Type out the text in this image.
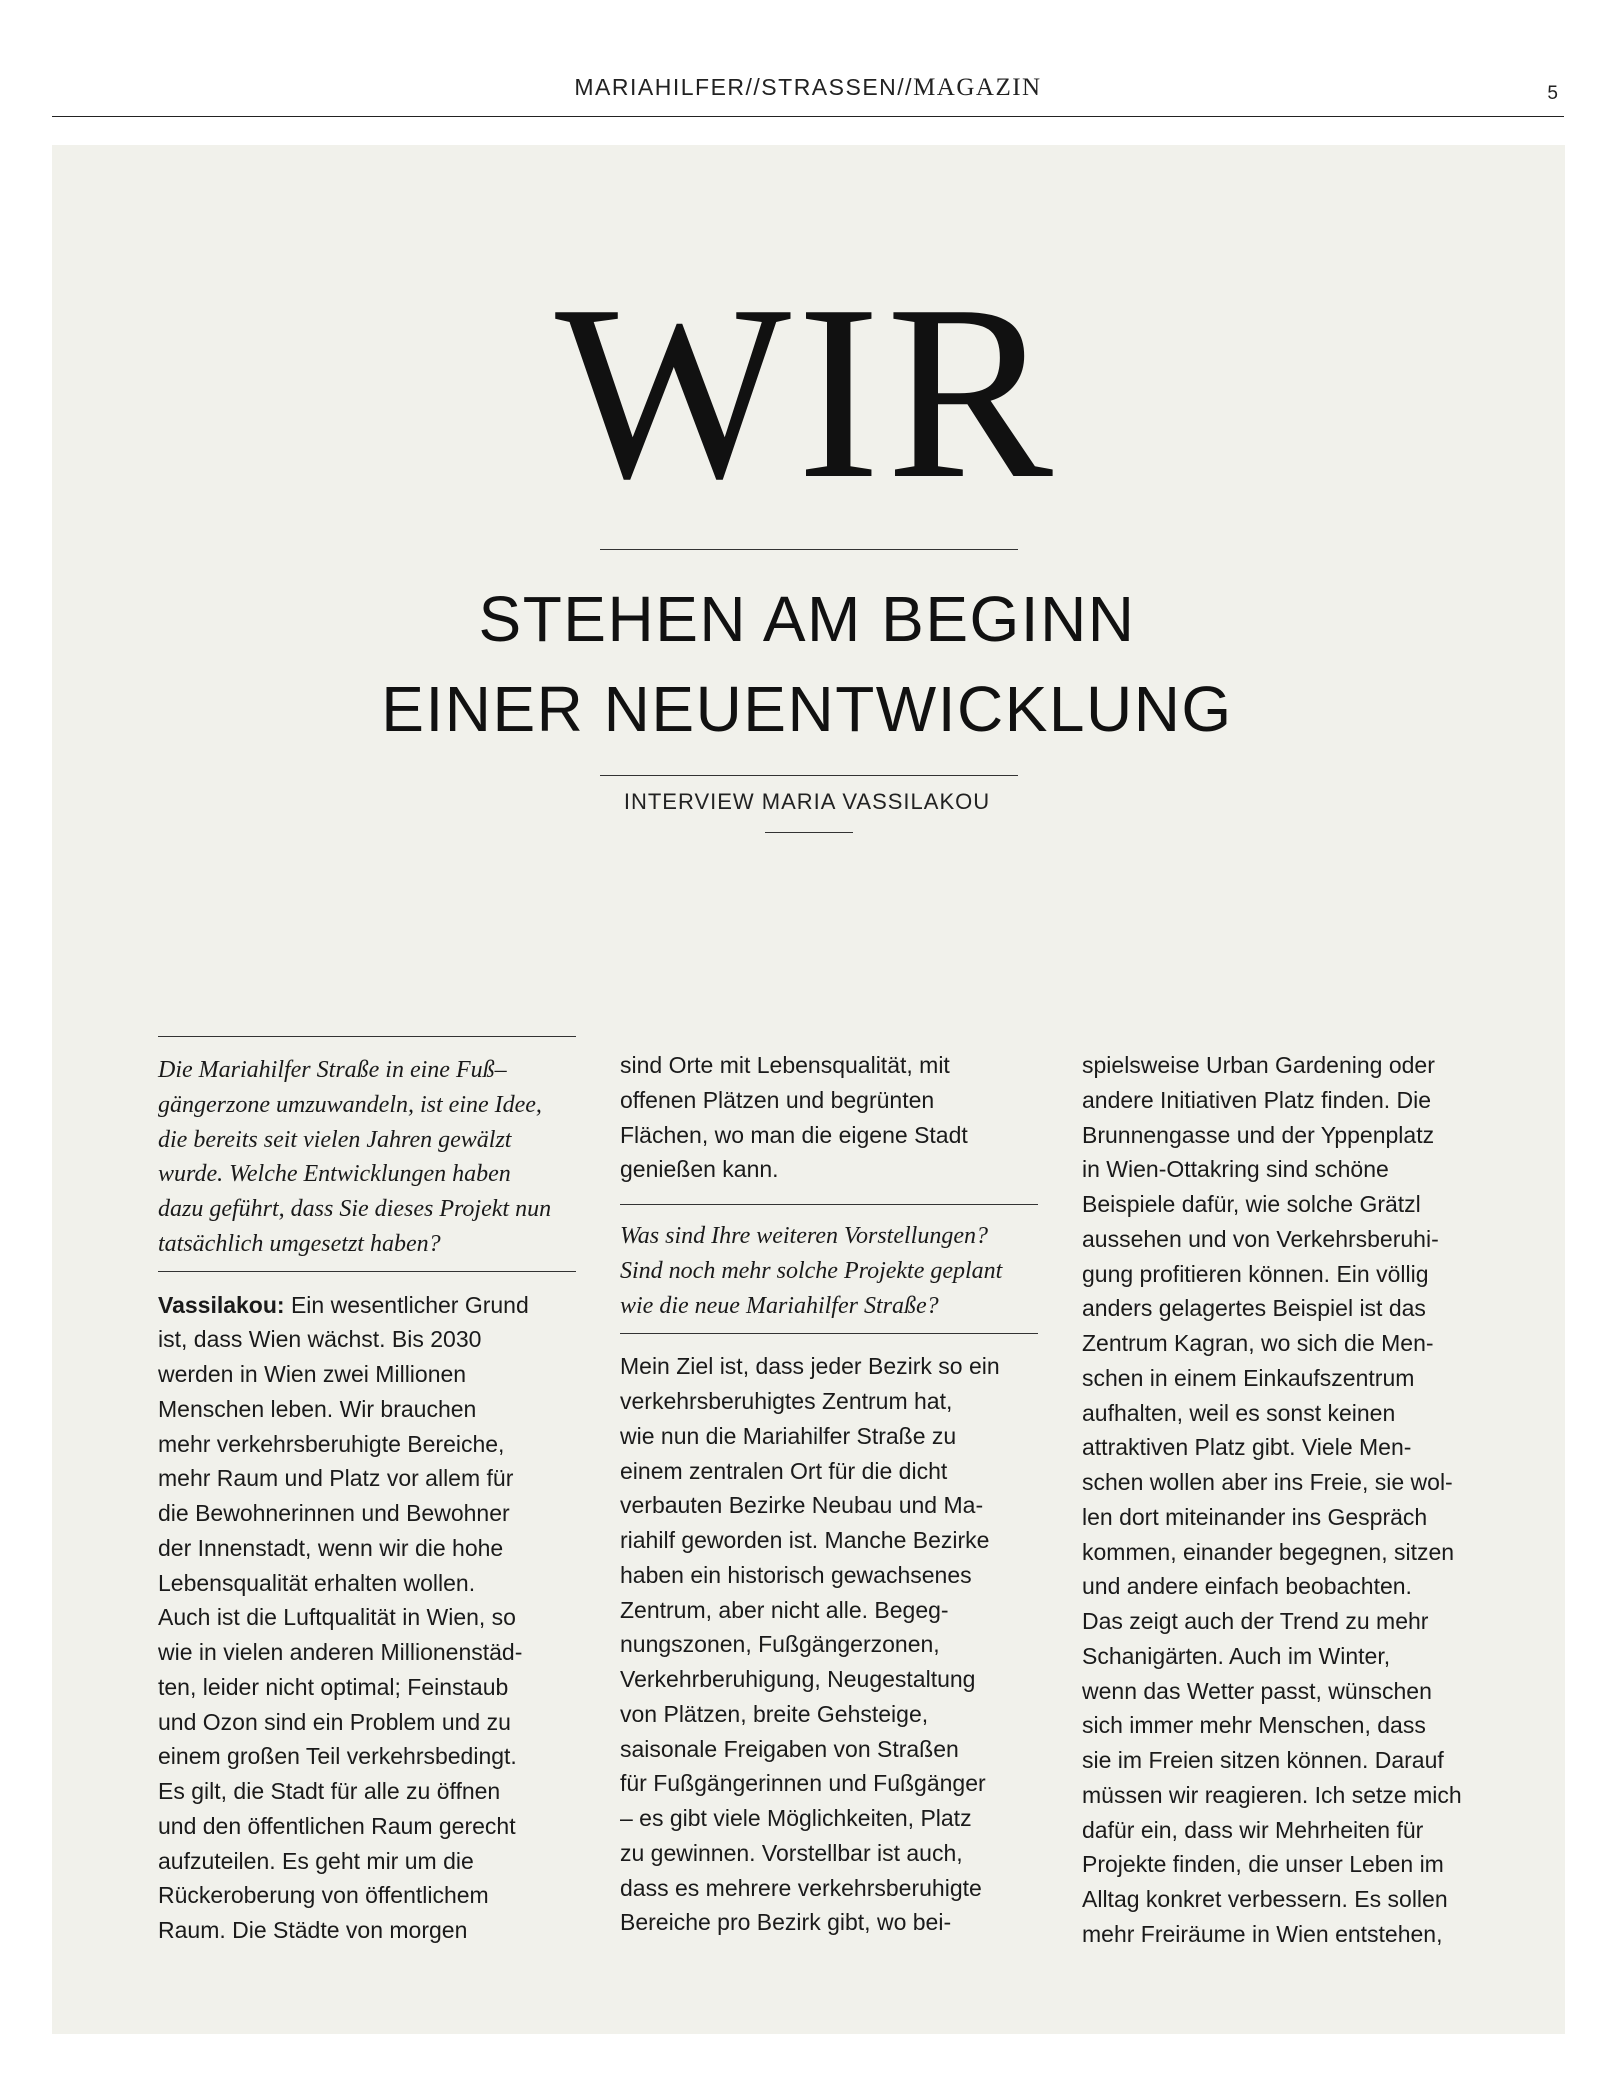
MARIAHILFER//STRASSEN//MAGAZIN	5
WIR
STEHEN AM BEGINN
EINER NEUENTWICKLUNG
INTERVIEW MARIA VASSILAKOU
Die Mariahilfer Straße in eine Fuß–
gängerzone umzuwandeln, ist eine Idee,
die bereits seit vielen Jahren gewälzt
wurde. Welche Entwicklungen haben
dazu geführt, dass Sie dieses Projekt nun
tatsächlich umgesetzt haben?
Vassilakou: Ein wesentlicher Grund
ist, dass Wien wächst. Bis 2030
werden in Wien zwei Millionen
Menschen leben. Wir brauchen
mehr verkehrsberuhigte Bereiche,
mehr Raum und Platz vor allem für
die Bewohnerinnen und Bewohner
der Innenstadt, wenn wir die hohe
Lebensqualität erhalten wollen.
Auch ist die Luftqualität in Wien, so
wie in vielen anderen Millionenstäd-
ten, leider nicht optimal; Feinstaub
und Ozon sind ein Problem und zu
einem großen Teil verkehrsbedingt.
Es gilt, die Stadt für alle zu öffnen
und den öffentlichen Raum gerecht
aufzuteilen. Es geht mir um die
Rückeroberung von öffentlichem
Raum. Die Städte von morgen
sind Orte mit Lebensqualität, mit
offenen Plätzen und begrünten
Flächen, wo man die eigene Stadt
genießen kann.
Was sind Ihre weiteren Vorstellungen?
Sind noch mehr solche Projekte geplant
wie die neue Mariahilfer Straße?
Mein Ziel ist, dass jeder Bezirk so ein
verkehrsberuhigtes Zentrum hat,
wie nun die Mariahilfer Straße zu
einem zentralen Ort für die dicht
verbauten Bezirke Neubau und Ma-
riahilf geworden ist. Manche Bezirke
haben ein historisch gewachsenes
Zentrum, aber nicht alle. Begeg-
nungszonen, Fußgängerzonen,
Verkehrberuhigung, Neugestaltung
von Plätzen, breite Gehsteige,
saisonale Freigaben von Straßen
für Fußgängerinnen und Fußgänger
– es gibt viele Möglichkeiten, Platz
zu gewinnen. Vorstellbar ist auch,
dass es mehrere verkehrsberuhigte
Bereiche pro Bezirk gibt, wo bei-
spielsweise Urban Gardening oder
andere Initiativen Platz finden. Die
Brunnengasse und der Yppenplatz
in Wien-Ottakring sind schöne
Beispiele dafür, wie solche Grätzl
aussehen und von Verkehrsberuhi-
gung profitieren können. Ein völlig
anders gelagertes Beispiel ist das
Zentrum Kagran, wo sich die Men-
schen in einem Einkaufszentrum
aufhalten, weil es sonst keinen
attraktiven Platz gibt. Viele Men-
schen wollen aber ins Freie, sie wol-
len dort miteinander ins Gespräch
kommen, einander begegnen, sitzen
und andere einfach beobachten.
Das zeigt auch der Trend zu mehr
Schanigärten. Auch im Winter,
wenn das Wetter passt, wünschen
sich immer mehr Menschen, dass
sie im Freien sitzen können. Darauf
müssen wir reagieren. Ich setze mich
dafür ein, dass wir Mehrheiten für
Projekte finden, die unser Leben im
Alltag konkret verbessern. Es sollen
mehr Freiräume in Wien entstehen,
